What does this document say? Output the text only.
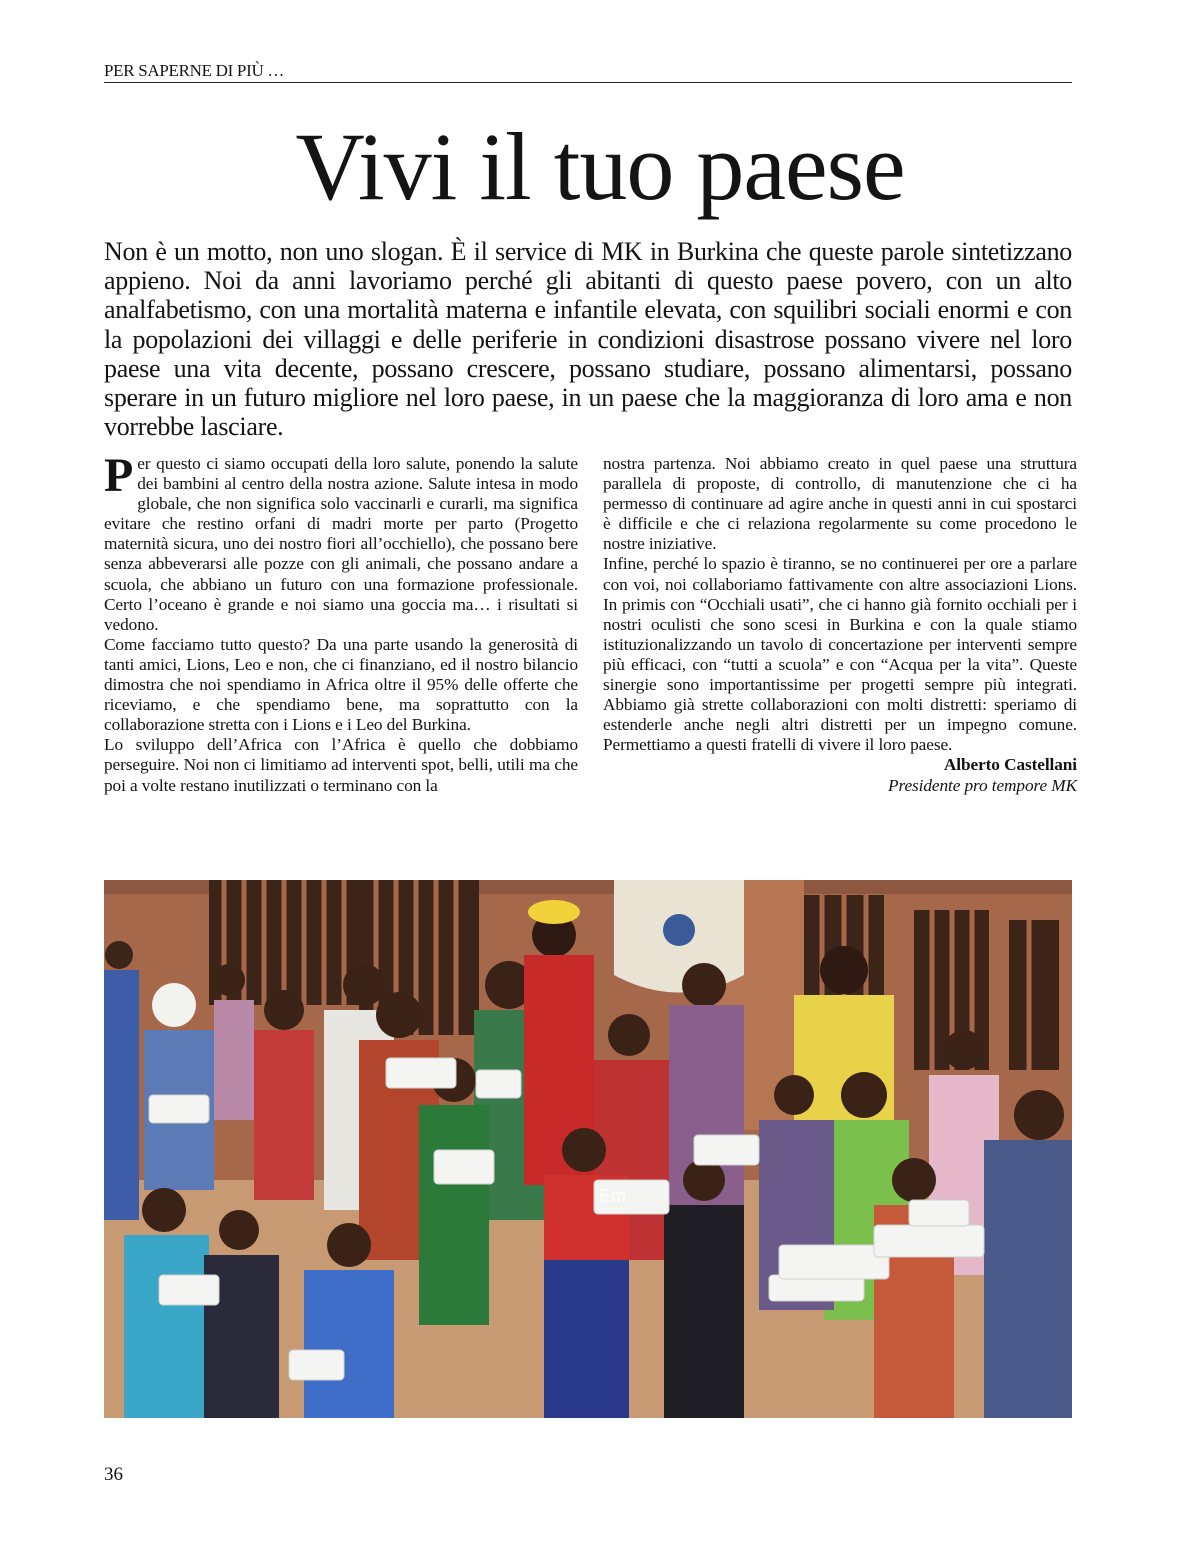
PER SAPERNE DI PIÙ …
Vivi il tuo paese

Non è un motto, non uno slogan. È il service di MK in Burkina che queste parole sintetizzano appieno. Noi da anni lavoriamo perché gli abitanti di questo paese povero, con un alto analfabetismo, con una mortalità materna e infantile elevata, con squilibri sociali enormi e con la popolazioni dei villaggi e delle periferie in condizioni disastrose possano vivere nel loro paese una vita decente, possano crescere, possano studiare, possano alimentarsi, possano sperare in un futuro migliore nel loro paese, in un paese che la maggioranza di loro ama e non vorrebbe lasciare.

Per questo ci siamo occupati della loro salute, ponendo la salute dei bambini al centro della nostra azione. Salute intesa in modo globale, che non significa solo vaccinarli e curarli, ma significa evitare che restino orfani di madri morte per parto (Progetto maternità sicura, uno dei nostro fiori all’occhiello), che possano bere senza abbeverarsi alle pozze con gli animali, che possano andare a scuola, che abbiano un futuro con una formazione professionale. Certo l’oceano è grande e noi siamo una goccia ma… i risultati si vedono.

Come facciamo tutto questo? Da una parte usando la generosità di tanti amici, Lions, Leo e non, che ci finanziano, ed il nostro bilancio dimostra che noi spendiamo in Africa oltre il 95% delle offerte che riceviamo, e che spendiamo bene, ma soprattutto con la collaborazione stretta con i Lions e i Leo del Burkina.

Lo sviluppo dell’Africa con l’Africa è quello che dobbiamo perseguire. Noi non ci limitiamo ad interventi spot, belli, utili ma che poi a volte restano inutilizzati o terminano con la

nostra partenza. Noi abbiamo creato in quel paese una struttura parallela di proposte, di controllo, di manutenzione che ci ha permesso di continuare ad agire anche in questi anni in cui spostarci è difficile e che ci relaziona regolarmente su come procedono le nostre iniziative.

Infine, perché lo spazio è tiranno, se no continuerei per ore a parlare con voi, noi collaboriamo fattivamente con altre associazioni Lions. In primis con “Occhiali usati”, che ci hanno già fornito occhiali per i nostri oculisti che sono scesi in Burkina e con la quale stiamo istituzionalizzando un tavolo di concertazione per interventi sempre più efficaci, con “tutti a scuola” e con “Acqua per la vita”. Queste sinergie sono importantissime per progetti sempre più integrati. Abbiamo già strette collaborazioni con molti distretti: speriamo di estenderle anche negli altri distretti per un impegno comune. Permettiamo a questi fratelli di vivere il loro paese.

Alberto Castellani

Presidente pro tempore MK

Em
36
